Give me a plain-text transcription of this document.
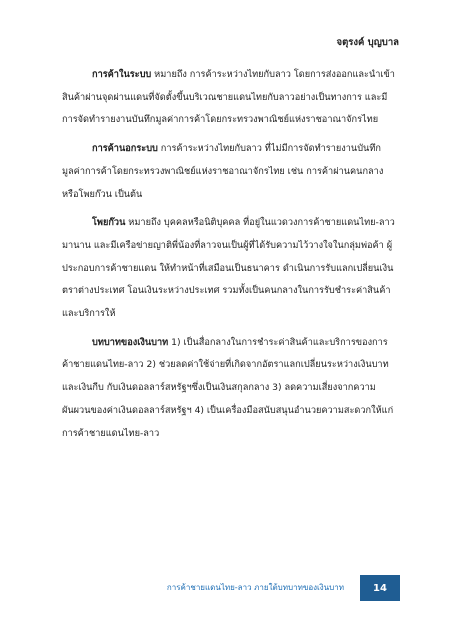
จตุรงค์ บุญบาล

การค้าในระบบ หมายถึง การค้าระหว่างไทยกับลาว โดยการส่งออกและนำเข้าสินค้าผ่านจุดผ่านแดนที่จัดตั้งขึ้นบริเวณชายแดนไทยกับลาวอย่างเป็นทางการ และมีการจัดทำรายงานบันทึกมูลค่าการค้าโดยกระทรวงพาณิชย์แห่งราชอาณาจักรไทย

การค้านอกระบบ การค้าระหว่างไทยกับลาว ที่ไม่มีการจัดทำรายงานบันทึกมูลค่าการค้าโดยกระทรวงพาณิชย์แห่งราชอาณาจักรไทย เช่น การค้าผ่านคนกลาง หรือโพยก๊วน เป็นต้น

โพยก๊วน หมายถึง บุคคลหรือนิติบุคคล ที่อยู่ในแวดวงการค้าชายแดนไทย-ลาว มานาน และมีเครือข่ายญาติพี่น้องที่ลาวจนเป็นผู้ที่ได้รับความไว้วางใจในกลุ่มพ่อค้า ผู้ประกอบการค้าชายแดน ให้ทำหน้าที่เสมือนเป็นธนาคาร ดำเนินการรับแลกเปลี่ยนเงินตราต่างประเทศ โอนเงินระหว่างประเทศ รวมทั้งเป็นคนกลางในการรับชำระค่าสินค้าและบริการให้

บทบาทของเงินบาท 1) เป็นสื่อกลางในการชำระค่าสินค้าและบริการของการค้าชายแดนไทย-ลาว 2) ช่วยลดค่าใช้จ่ายที่เกิดจากอัตราแลกเปลี่ยนระหว่างเงินบาทและเงินกีบ กับเงินดอลลาร์สหรัฐฯซึ่งเป็นเงินสกุลกลาง 3) ลดความเสี่ยงจากความผันผวนของค่าเงินดอลลาร์สหรัฐฯ 4) เป็นเครื่องมือสนับสนุนอำนวยความสะดวกให้แก่การค้าชายแดนไทย-ลาว

การค้าชายแดนไทย-ลาว ภายใต้บทบาทของเงินบาท	14
